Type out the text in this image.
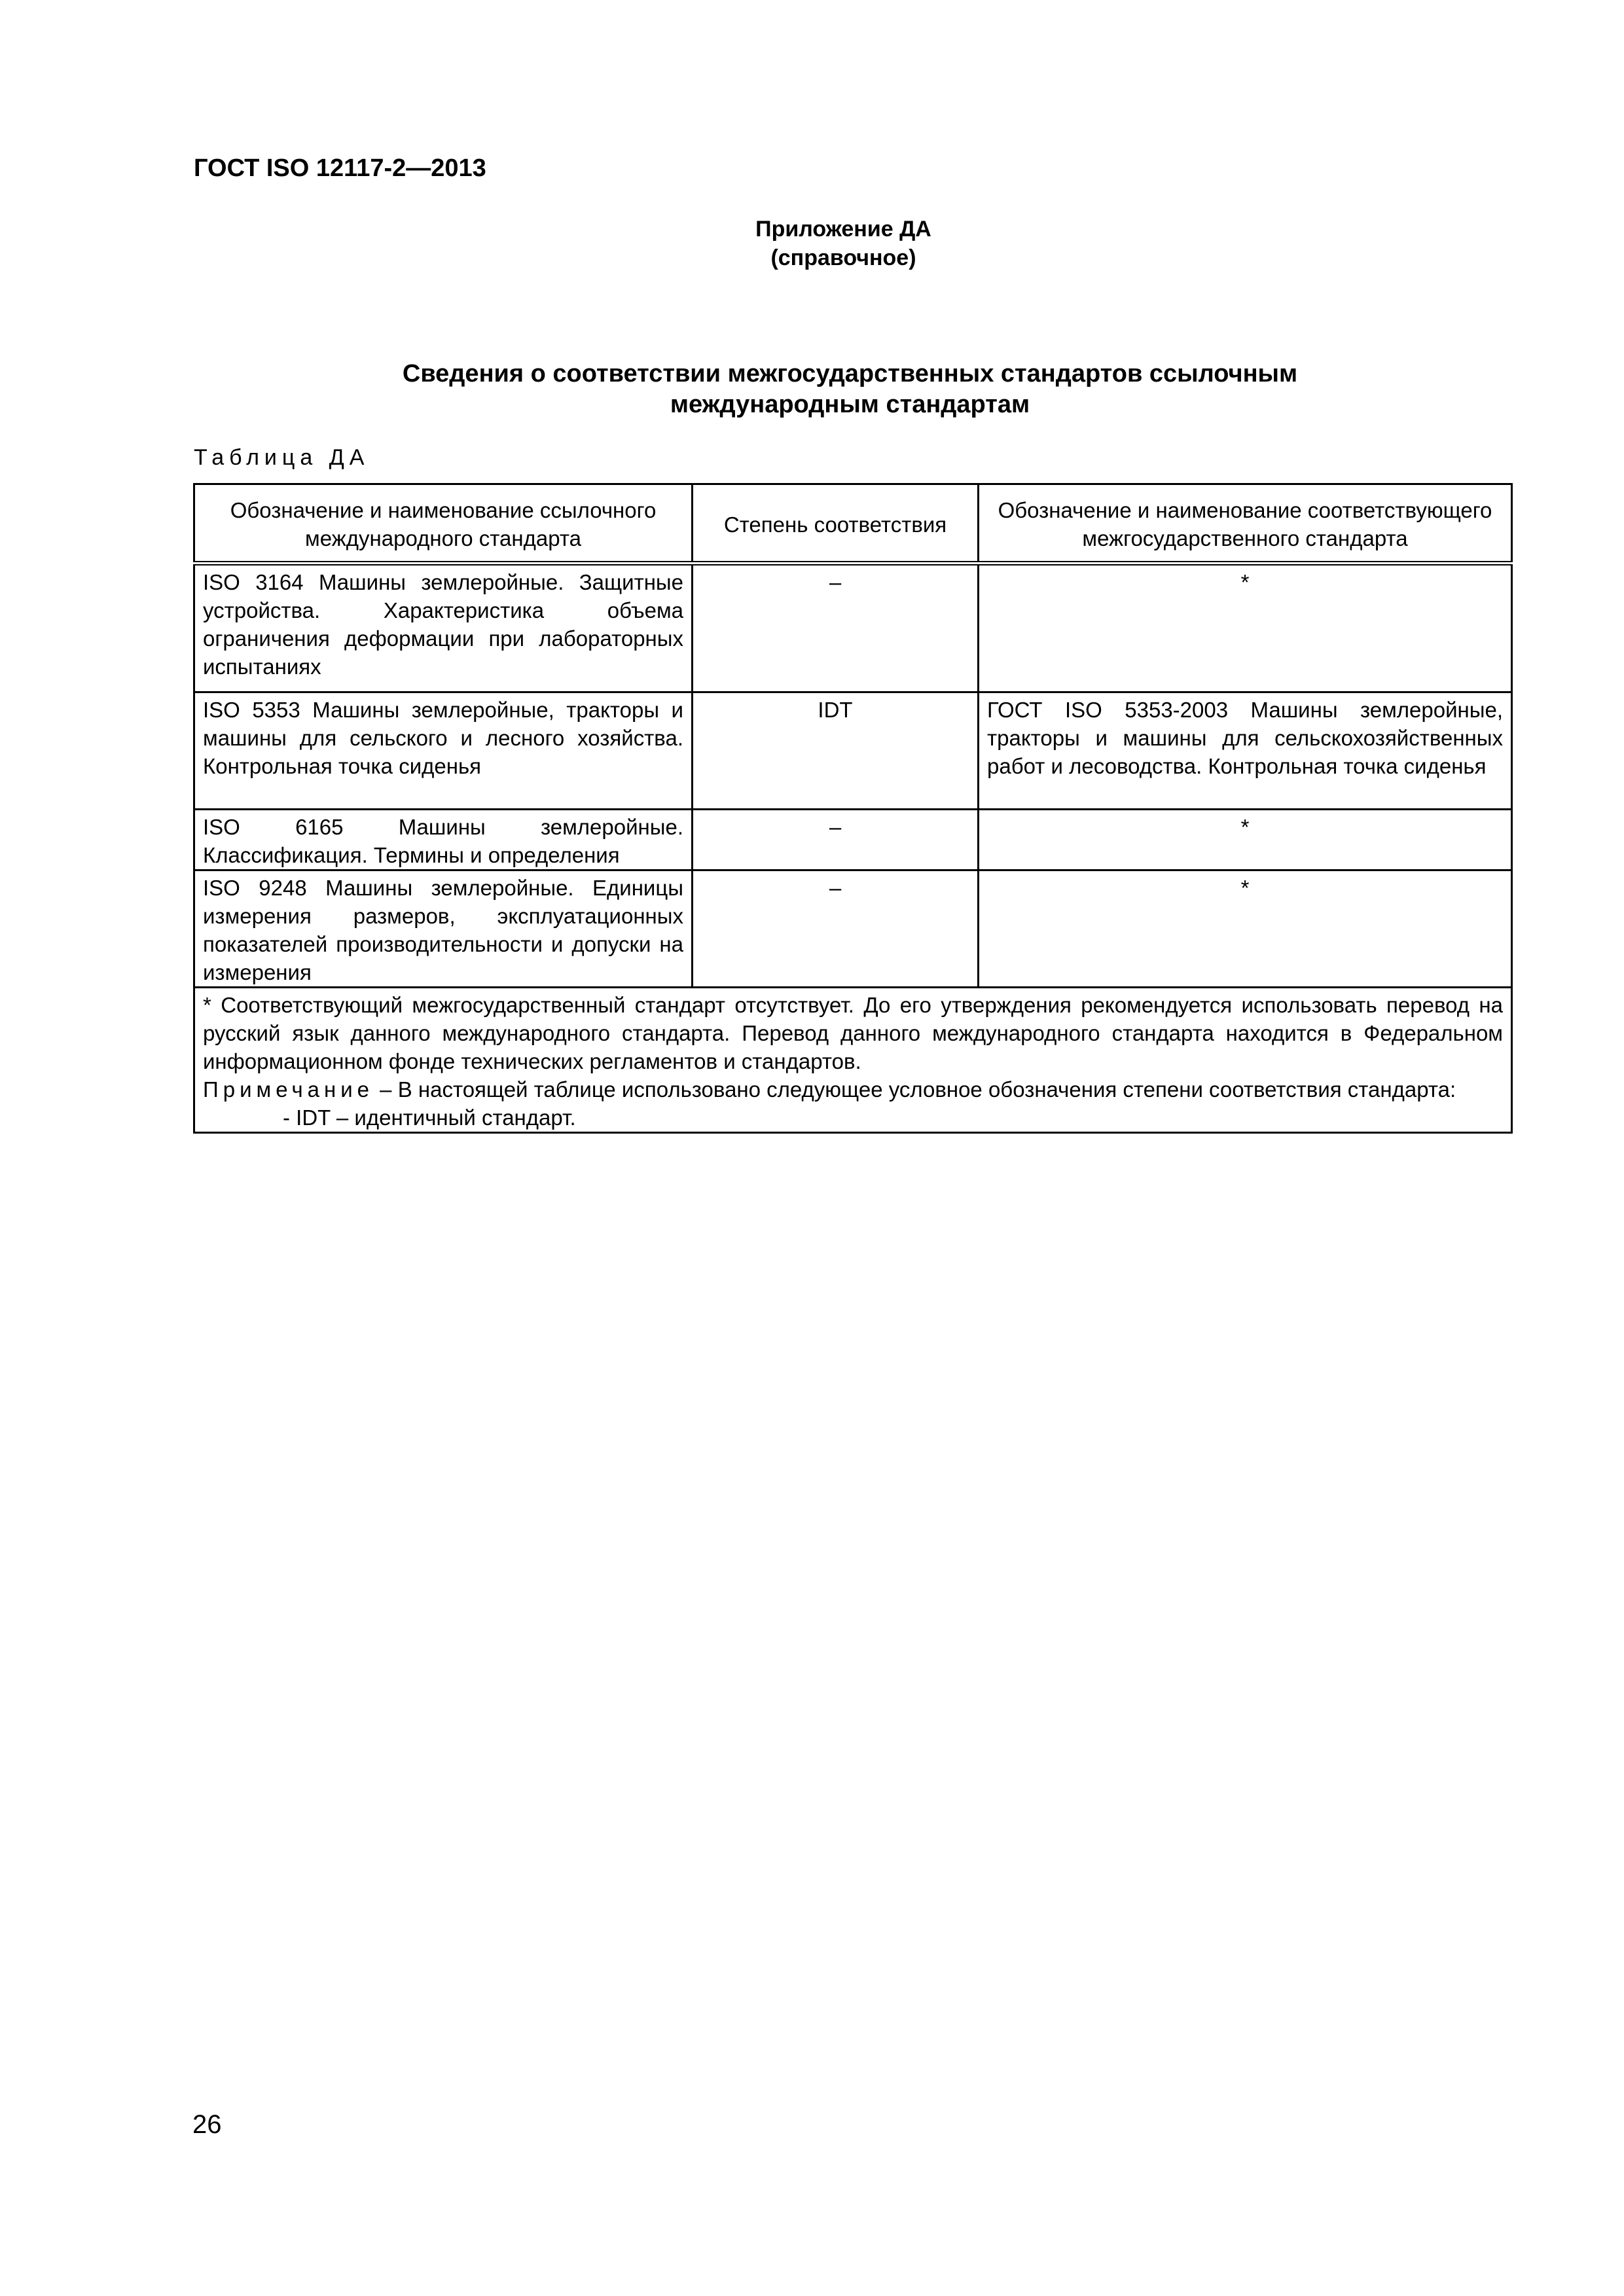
ГОСТ ISO 12117-2—2013
Приложение ДА
(справочное)
Сведения о соответствии межгосударственных стандартов ссылочным
международным стандартам
Таблица ДА
Обозначение и наименование ссылочного международного стандарта	Степень соответствия	Обозначение и наименование соответствующего межгосударственного стандарта
ISO 3164 Машины землеройные. Защитные устройства. Характеристика объема ограничения деформации при лабораторных испытаниях	–	*
ISO 5353 Машины землеройные, тракторы и машины для сельского и лесного хозяйства. Контрольная точка сиденья	IDT	ГОСТ ISO 5353-2003 Машины землеройные, тракторы и машины для сельскохозяйственных работ и лесоводства. Контрольная точка сиденья
ISO 6165 Машины землеройные. Классификация. Термины и определения	–	*
ISO 9248 Машины землеройные. Единицы измерения размеров, эксплуатационных показателей производительности и допуски на измерения	–	*

* Соответствующий межгосударственный стандарт отсутствует. До его утверждения рекомендуется использовать перевод на русский язык данного международного стандарта. Перевод данного международного стандарта находится в Федеральном информационном фонде технических регламентов и стандартов.

Примечание – В настоящей таблице использовано следующее условное обозначения степени соответствия стандарта:

- IDT – идентичный стандарт.		

26
